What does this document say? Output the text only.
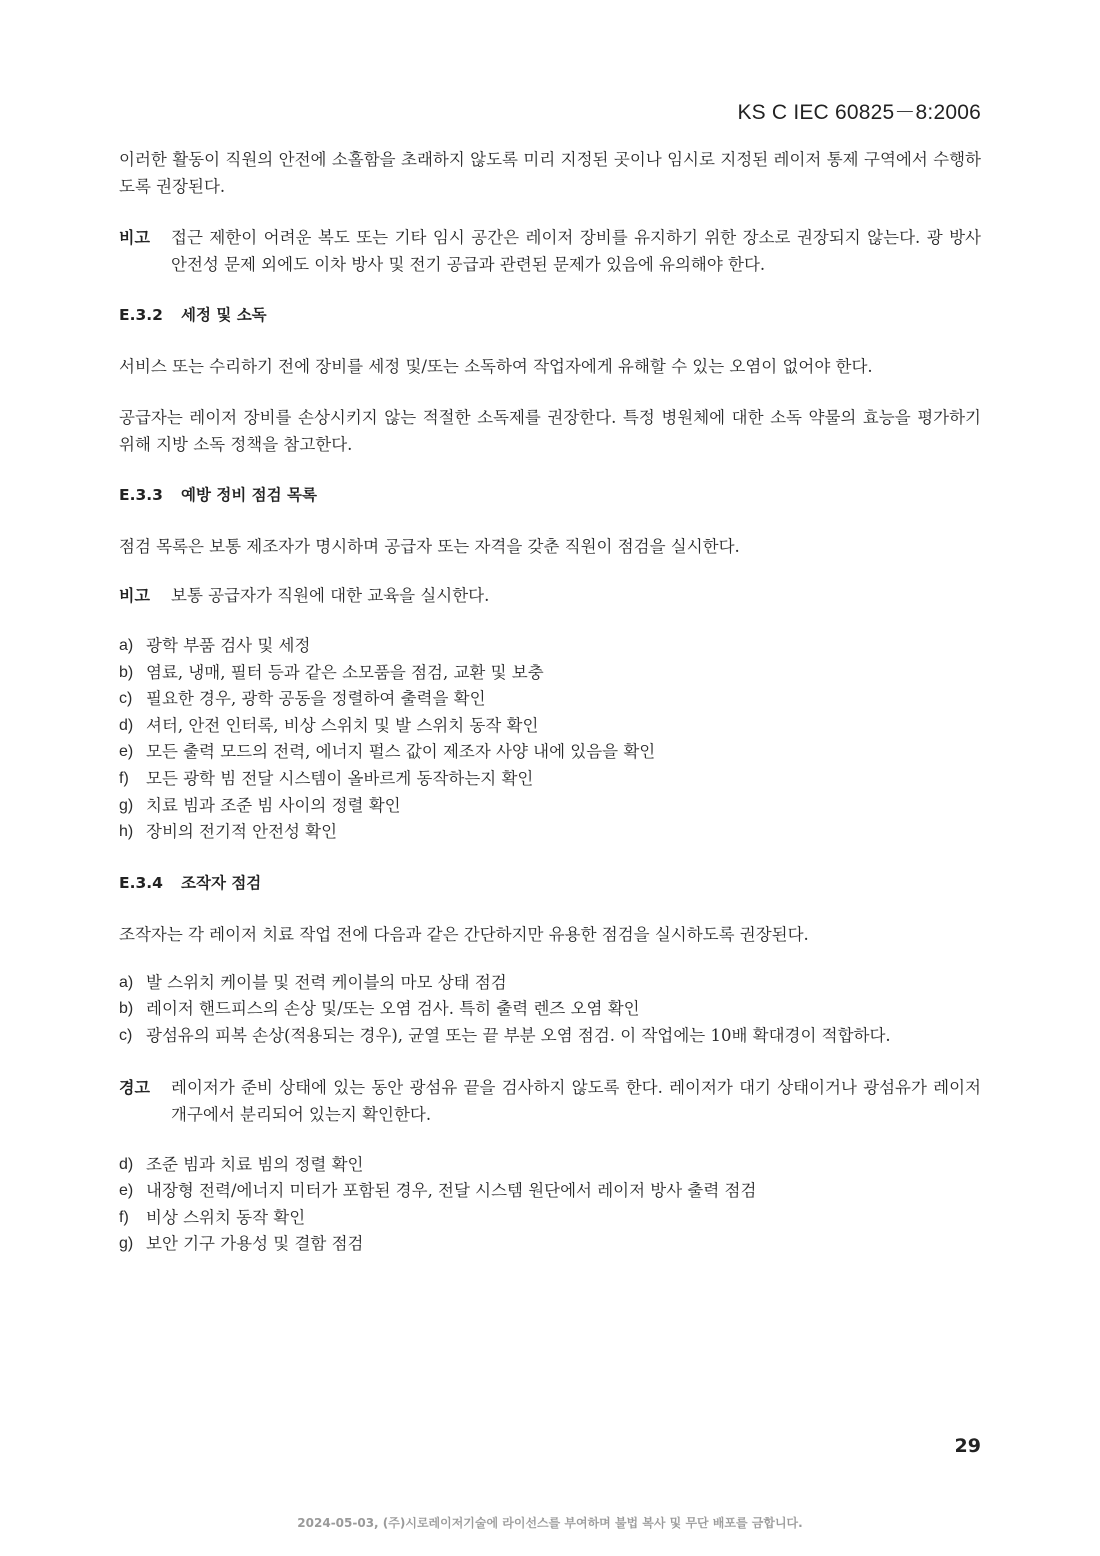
KS C IEC 60825－8:2006

이러한 활동이 직원의 안전에 소홀함을 초래하지 않도록 미리 지정된 곳이나 임시로 지정된 레이저 통제 구역에서 수행하도록 권장된다.

비고	접근 제한이 어려운 복도 또는 기타 임시 공간은 레이저 장비를 유지하기 위한 장소로 권장되지 않는다. 광 방사 안전성 문제 외에도 이차 방사 및 전기 공급과 관련된 문제가 있음에 유의해야 한다.
E.3.2 세정 및 소독

서비스 또는 수리하기 전에 장비를 세정 및/또는 소독하여 작업자에게 유해할 수 있는 오염이 없어야 한다.

공급자는 레이저 장비를 손상시키지 않는 적절한 소독제를 권장한다. 특정 병원체에 대한 소독 약물의 효능을 평가하기 위해 지방 소독 정책을 참고한다.

E.3.3 예방 정비 점검 목록

점검 목록은 보통 제조자가 명시하며 공급자 또는 자격을 갖춘 직원이 점검을 실시한다.

비고	보통 공급자가 직원에 대한 교육을 실시한다.
a) 광학 부품 검사 및 세정
b) 염료, 냉매, 필터 등과 같은 소모품을 점검, 교환 및 보충
c) 필요한 경우, 광학 공동을 정렬하여 출력을 확인
d) 셔터, 안전 인터록, 비상 스위치 및 발 스위치 동작 확인
e) 모든 출력 모드의 전력, 에너지 펄스 값이 제조자 사양 내에 있음을 확인
f)	모든 광학 빔 전달 시스템이 올바르게 동작하는지 확인
g) 치료 빔과 조준 빔 사이의 정렬 확인
h) 장비의 전기적 안전성 확인
E.3.4 조작자 점검

조작자는 각 레이저 치료 작업 전에 다음과 같은 간단하지만 유용한 점검을 실시하도록 권장된다.

a) 발 스위치 케이블 및 전력 케이블의 마모 상태 점검
b) 레이저 핸드피스의 손상 및/또는 오염 검사. 특히 출력 렌즈 오염 확인
c) 광섬유의 피복 손상(적용되는 경우), 균열 또는 끝 부분 오염 점검. 이 작업에는 10배 확대경이 적합하다.
경고	레이저가 준비 상태에 있는 동안 광섬유 끝을 검사하지 않도록 한다. 레이저가 대기 상태이거나 광섬유가 레이저 개구에서 분리되어 있는지 확인한다.
d) 조준 빔과 치료 빔의 정렬 확인
e) 내장형 전력/에너지 미터가 포함된 경우, 전달 시스템 원단에서 레이저 방사 출력 점검
f)	비상 스위치 동작 확인
g) 보안 기구 가용성 및 결함 점검
29
2024-05-03, (주)시로레이저기술에 라이선스를 부여하며 불법 복사 및 무단 배포를 금합니다.
